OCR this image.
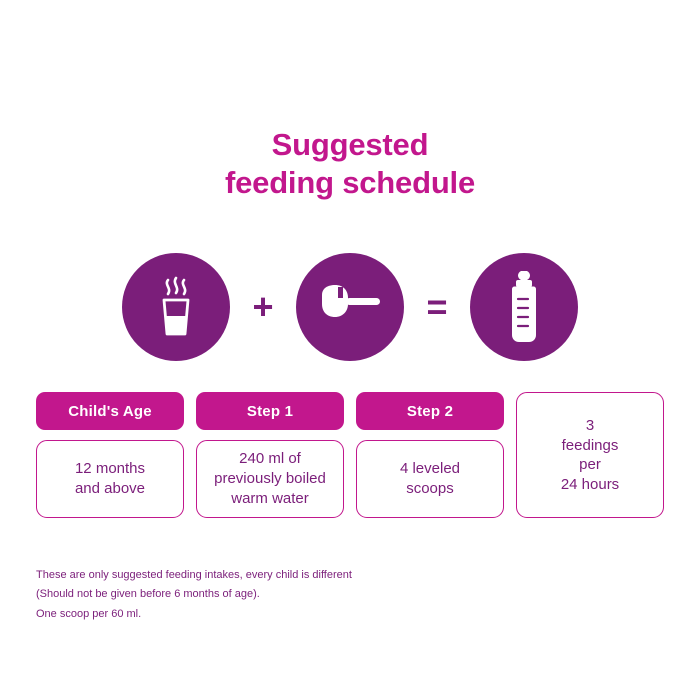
Suggested
feeding schedule
+	=
Child's Age
12 months
and above
Step 1
240 ml of
previously boiled
warm water
Step 2
4 leveled
scoops
3
feedings
per
24 hours
These are only suggested feeding intakes, every child is different
(Should not be given before 6 months of age).
One scoop per 60 ml.
